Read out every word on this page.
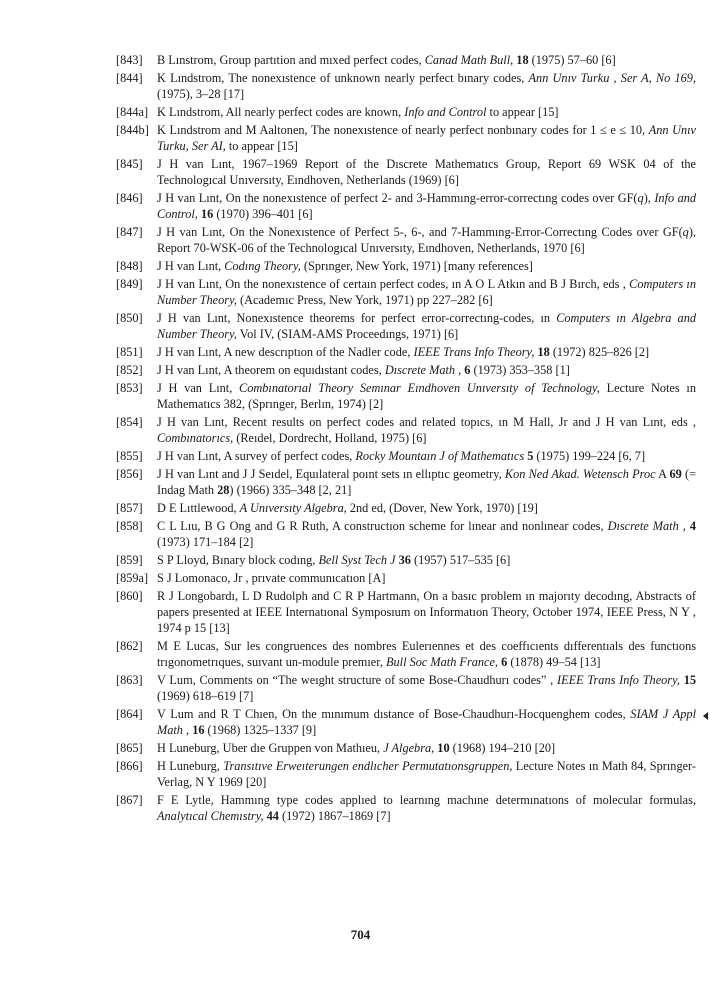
[843] B Lınstrom, Group partıtion and mıxed perfect codes, Canad Math Bull, 18 (1975) 57–60 [6]
[844] K Lındstrom, The nonexıstence of unknown nearly perfect bınary codes, Ann Unıv Turku , Ser A, No 169, (1975), 3–28 [17]
[844a] K Lındstrom, All nearly perfect codes are known, Info and Control to appear [15]
[844b] K Lındstrom and M Aaltonen, The nonexıstence of nearly perfect nonbınary codes for 1 ≤ e ≤ 10, Ann Unıv Turku, Ser AI, to appear [15]
[845] J H van Lınt, 1967–1969 Report of the Dıscrete Mathematıcs Group, Report 69 WSK 04 of the Technologıcal Unıversıty, Eındhoven, Netherlands (1969) [6]
[846] J H van Lınt, On the nonexıstence of perfect 2- and 3-Hammıng-error-correctıng codes over GF(q), Info and Control, 16 (1970) 396–401 [6]
[847] J H van Lınt, On the Nonexıstence of Perfect 5-, 6-, and 7-Hammıng-Error-Correctıng Codes over GF(q), Report 70-WSK-06 of the Technologıcal Unıversıty, Eındhoven, Netherlands, 1970 [6]
[848] J H van Lınt, Codıng Theory, (Sprınger, New York, 1971) [many references]
[849] J H van Lınt, On the nonexıstence of certaın perfect codes, ın A O L Atkın and B J Bırch, eds , Computers ın Number Theory, (Academıc Press, New York, 1971) pp 227–282 [6]
[850] J H van Lınt, Nonexıstence theorems for perfect error-correctıng-codes, ın Computers ın Algebra and Number Theory, Vol IV, (SIAM-AMS Proceedıngs, 1971) [6]
[851] J H van Lınt, A new descrıptıon of the Nadler code, IEEE Trans Info Theory, 18 (1972) 825–826 [2]
[852] J H van Lınt, A theorem on equıdıstant codes, Dıscrete Math , 6 (1973) 353–358 [1]
[853] J H van Lınt, Combınatorıal Theory Semınar Eındhoven Unıversıty of Technology, Lecture Notes ın Mathematıcs 382, (Sprınger, Berlın, 1974) [2]
[854] J H van Lınt, Recent results on perfect codes and related topıcs, ın M Hall, Jr and J H van Lınt, eds , Combınatorıcs, (Reıdel, Dordrecht, Holland, 1975) [6]
[855] J H van Lınt, A survey of perfect codes, Rocky Mountaın J of Mathematıcs 5 (1975) 199–224 [6, 7]
[856] J H van Lınt and J J Seıdel, Equılateral poınt sets ın ellıptıc geometry, Kon Ned Akad. Wetensch Proc A 69 (= Indag Math 28) (1966) 335–348 [2, 21]
[857] D E Lıttlewood, A Unıversıty Algebra, 2nd ed, (Dover, New York, 1970) [19]
[858] C L Lıu, B G Ong and G R Ruth, A constructıon scheme for lınear and nonlınear codes, Dıscrete Math , 4 (1973) 171–184 [2]
[859] S P Lloyd, Bınary block codıng, Bell Syst Tech J 36 (1957) 517–535 [6]
[859a] S J Lomonaco, Jr , prıvate communıcatıon [A]
[860] R J Longobardı, L D Rudolph and C R P Hartmann, On a basıc problem ın majorıty decodıng, Abstracts of papers presented at IEEE Internatıonal Symposıum on Informatıon Theory, October 1974, IEEE Press, N Y , 1974 p 15 [13]
[862] M E Lucas, Sur les congruences des nombres Eulerıennes et des coeffıcıents dıfferentıals des functıons trıgonometrıques, suıvant un-module premıer, Bull Soc Math France, 6 (1878) 49–54 [13]
[863] V Lum, Comments on “The weıght structure of some Bose-Chaudhurı codes” , IEEE Trans Info Theory, 15 (1969) 618–619 [7]
[864] V Lum and R T Chıen, On the mınımum dıstance of Bose-Chaudhurı-Hocquenghem codes, SIAM J Appl Math , 16 (1968) 1325–1337 [9]
[865] H Luneburg, Uber dıe Gruppen von Mathıeu, J Algebra, 10 (1968) 194–210 [20]
[866] H Luneburg, Transıtıve Erweıterungen endlıcher Permutatıonsgruppen, Lecture Notes ın Math 84, Sprınger-Verlag, N Y 1969 [20]
[867] F E Lytle, Hammıng type codes applıed to learnıng machıne determınatıons of molecular formulas, Analytıcal Chemıstry, 44 (1972) 1867–1869 [7]
704
